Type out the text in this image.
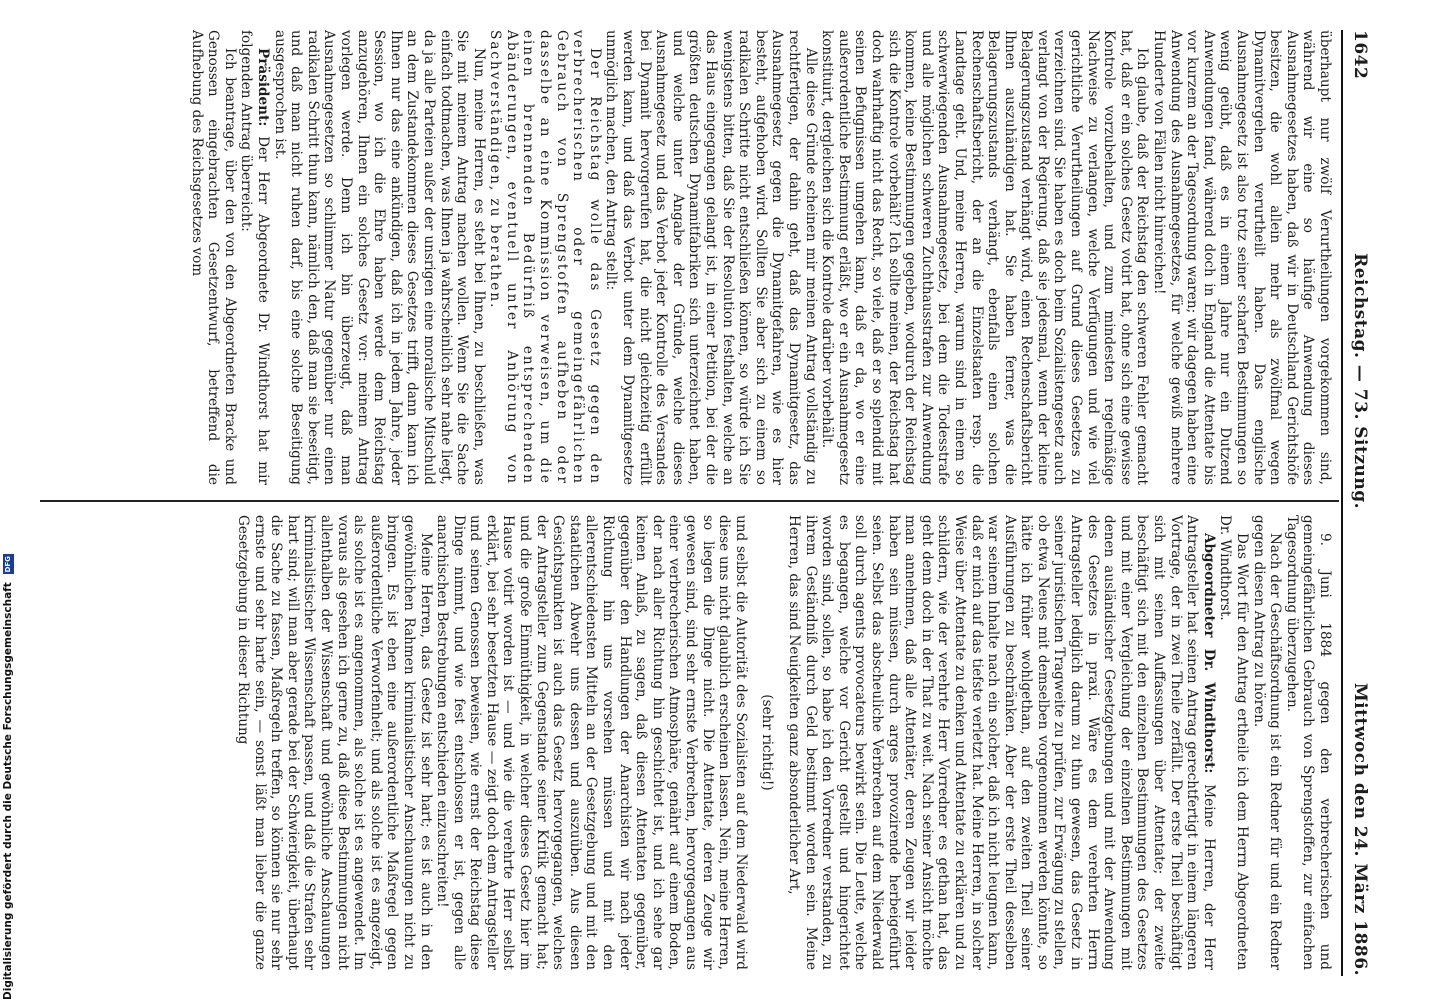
1642
Reichstag. — 73. Sitzung.
Mittwoch den 24. März 1886.

überhaupt nur zwölf Verurtheilungen vorgekommen sind, während wir eine so häufige Anwendung dieses Ausnahmegesetzes haben, daß wir in Deutschland Gerichtshöfe besitzen, die wohl allein mehr als zwölfmal wegen Dynamitvergehen verurtheilt haben. Das englische Ausnahmegesetz ist also trotz seiner scharfen Bestimmungen so wenig geübt, daß es in einem Jahre nur ein Dutzend Anwendungen fand, während doch in England die Attentate bis vor kurzem an der Tagesordnung waren; wir dagegen haben eine Anwendung des Ausnahmegesetzes, für welche gewiß mehrere Hunderte von Fällen nicht hinreichen!

Ich glaube, daß der Reichstag den schweren Fehler gemacht hat, daß er ein solches Gesetz votirt hat, ohne sich eine gewisse Kontrole vorzubehalten, und zum mindesten regelmäßige Nachweise zu verlangen, welche Verfügungen und wie viel gerichtliche Verurtheilungen auf Grund dieses Gesetzes zu verzeichnen sind. Sie haben es doch beim Sozialistengesetz auch verlangt von der Regierung, daß sie jedesmal, wenn der kleine Belagerungszustand verhängt wird, einen Rechenschaftsbericht Ihnen auszuhändigen hat. Sie haben ferner, was die Belagerungszustands verhängt, ebenfalls einen solchen Rechenschaftsbericht, der an die Einzelstaaten resp. die Landtage geht. Und, meine Herren, warum sind in einem so schwerwiegenden Ausnahmegesetze, bei dem die Todesstrafe und alle möglichen schweren Zuchthausstrafen zur Anwendung kommen, keine Bestimmungen gegeben, wodurch der Reichstag sich die Kontrole vorbehält? Ich sollte meinen, der Reichstag hat doch wahrhaftig nicht das Recht, so viele, daß er so splendid mit seinen Befugnissen umgehen kann, daß er da, wo er eine außerordentliche Bestimmung erläßt, wo er ein Ausnahmegesetz konstituirt, dergleichen sich die Kontrole darüber vorbehält.

Alle diese Gründe scheinen mir meinen Antrag vollständig zu rechtfertigen, der dahin geht, daß das Dynamitgesetz, das Ausnahmegesetz gegen die Dynamitgefahren, wie es hier besteht, aufgehoben wird. Sollten Sie aber sich zu einem so radikalen Schritte nicht entschließen können, so würde ich Sie wenigstens bitten, daß Sie der Resolution festhalten, welche an das Haus eingegangen gelangt ist, in einer Petition, bei der die größten deutschen Dynamitfabriken sich unterzeichnet haben, und welche unter Angabe der Gründe, welche dieses Ausnahmegesetz und das Verbot jeder Kontrolle des Versandes bei Dynamit hervorgerufen hat, die nicht gleichzeitig erfüllt werden kann, und daß das Verbot unter dem Dynamitgesetze unmöglich machen, den Antrag stellt:

Der Reichstag wolle das Gesetz gegen den verbrecherischen oder gemeingefährlichen Gebrauch von Sprengstoffen aufheben oder dasselbe an eine Kommission verweisen, um die einen brennenden Bedürfniß entsprechenden Abänderungen, eventuell unter Anhörung von Sachverständigen, zu berathen.

Nun, meine Herren, es steht bei Ihnen, zu beschließen, was Sie mit meinem Antrag machen wollen. Wenn Sie die Sache einfach todtmachen, was Ihnen ja wahrscheinlich sehr nahe liegt, da ja alle Parteien außer der unsrigen eine moralische Mitschuld an dem Zustandekommen dieses Gesetzes trifft, dann kann ich Ihnen nur das eine ankündigen, daß ich in jedem Jahre, jeder Session, wo ich die Ehre haben werde dem Reichstag anzugehören, Ihnen ein solches Gesetz vor: meinem Antrag vorlegen werde. Denn ich bin überzeugt, daß man Ausnahmegesetzen so schlimmer Natur gegenüber nur einen radikalen Schritt thun kann, nämlich den, daß man sie beseitigt, und daß man nicht ruhen darf, bis eine solche Beseitigung ausgesprochen ist.

Präsident: Der Herr Abgeordnete Dr. Windthorst hat mir folgenden Antrag überreicht:

Ich beantrage, über den von den Abgeordneten Bracke und Genossen eingebrachten Gesetzentwurf, betreffend die Aufhebung des Reichsgesetzes vom

9. Juni 1884 gegen den verbrecherischen und gemeingefährlichen Gebrauch von Sprengstoffen, zur einfachen Tagesordnung überzugehen.

Nach der Geschäftsordnung ist ein Redner für und ein Redner gegen diesen Antrag zu hören.

Das Wort für den Antrag ertheile ich dem Herrn Abgeordneten Dr. Windthorst.

Abgeordneter Dr. Windthorst: Meine Herren, der Herr Antragsteller hat seinen Antrag gerechtfertigt in einem längeren Vortrage, der in zwei Theile zerfällt. Der erste Theil beschäftigt sich mit seinen Auffassungen über Attentate; der zweite beschäftigt sich mit den einzelnen Bestimmungen des Gesetzes und mit einer Vergleichung der einzelnen Bestimmungen mit denen ausländischer Gesetzgebungen und mit der Anwendung des Gesetzes in praxi. Wäre es dem verehrten Herrn Antragsteller lediglich darum zu thun gewesen, das Gesetz in seiner juristischen Tragweite zu prüfen, zur Erwägung zu stellen, ob etwa Neues mit demselben vorgenommen werden könnte, so hätte ich früher wohlgethan, auf den zweiten Theil seiner Ausführungen zu beschränken. Aber der erste Theil desselben war seinem Inhalte nach ein solcher, daß ich nicht leugnen kann, daß er mich auf das tiefste verletzt hat. Meine Herren, in solcher Weise über Attentate zu denken und Attentate zu erklären und zu schildern, wie der verehrte Herr Vorredner es gethan hat, das geht denn doch in der That zu weit. Nach seiner Ansicht möchte man annehmen, daß alle Attentäter, deren Zeugen wir leider haben sein müssen, durch arges provozirende herbeigeführt seien. Selbst das abscheuliche Verbrechen auf dem Niederwald soll durch agents provocateurs bewirkt sein. Die Leute, welche es begangen, welche vor Gericht gestellt und hingerichtet worden sind, sollen, so habe ich den Vorredner verstanden, zu ihrem Geständniß durch Geld bestimmt worden sein. Meine Herren, das sind Neuigkeiten ganz absonderlicher Art,

(sehr richtig!)

und selbst die Autorität des Sozialisten auf dem Niederwald wird diese uns nicht glaublich erscheinen lassen. Nein, meine Herren, so liegen die Dinge nicht. Die Attentate, deren Zeuge wir gewesen sind, sind sehr ernste Verbrechen, hervorgegangen aus einer verbrecherischen Atmosphäre, genährt auf einem Boden, der nach aller Richtung hin geschichtet ist, und ich sehe gar keinen Anlaß, zu sagen, daß diesen Attentaten gegenüber, gegenüber den Handlungen der Anarchisten wir nach jeder Richtung hin uns vorsehen müssen und mit den allerentschiedensten Mitteln an der Gesetzgebung und mit den staatlichen Abwehr uns dessen und auszuüben. Aus diesen Gesichtspunkten ist auch das Gesetz hervorgegangen, welches der Antragsteller zum Gegenstande seiner Kritik gemacht hat; und die große Einmüthigkeit, in welcher dieses Gesetz hier im Hause votirt worden ist — und wie die verehrte Herr selbst erklärt, bei sehr besetzten Hause — zeigt doch dem Antragsteller und seinen Genossen beweisen, wie ernst der Reichstag diese Dinge nimmt, und wie fest entschlossen er ist, gegen alle anarchischen Bestrebungen entschieden einzuschreiten!

Meine Herren, das Gesetz ist sehr hart; es ist auch in den gewöhnlichen Rahmen kriminalistischer Anschauungen nicht zu bringen. Es ist eben eine außerordentliche Maßregel gegen außerordentliche Verworfenheit; und als solche ist es angezeigt, als solche ist es angenommen, als solche ist es angewendet. Im voraus als gesehen ich gerne zu, daß diese Bestimmungen nicht allenthalben der Wissenschaft und gewöhnliche Anschauungen kriminalistischer Wissenschaft passen, und daß die Strafen sehr hart sind; will man aber gerade bei der Schwierigkeit, überhaupt die Sache zu fassen, Maßregeln treffen, so können sie nur sehr ernste und sehr harte sein, — sonst läßt man lieber die ganze Gesetzgebung in dieser Richtung

Digitalisierung gefördert durch die Deutsche Forschungsgemeinschaft
DFG
